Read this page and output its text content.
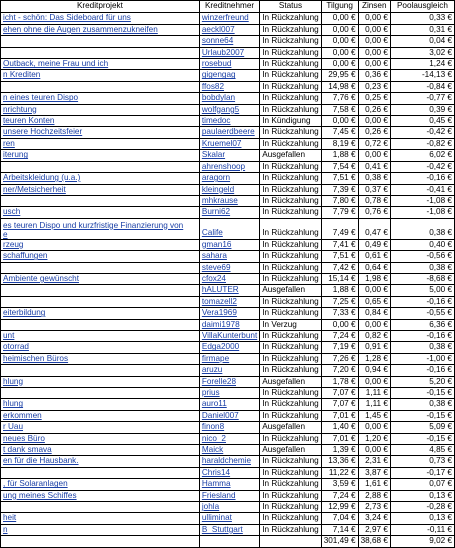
Kreditprojekt	Kreditnehmer	Status	Tilgung	Zinsen	Poolausgleich
icht - schön: Das Sideboard für uns	winzerfreund	In Rückzahlung	0,00 €	0,00 €	0,33 €
ehen ohne die Augen zusammenzukneifen	aeckl007	In Rückzahlung	0,00 €	0,00 €	0,31 €
	sonne64	In Rückzahlung	0,00 €	0,00 €	0,04 €
	Urlaub2007	In Rückzahlung	0,00 €	0,00 €	3,02 €
Outback, meine Frau und ich	rosebud	In Rückzahlung	0,00 €	0,00 €	1,24 €
n Krediten	gigengag	In Rückzahlung	29,95 €	0,36 €	-14,13 €
	ffos82	In Rückzahlung	14,98 €	0,23 €	-0,84 €
n eines teuren Dispo	bobdylan	In Rückzahlung	7,76 €	0,25 €	-0,77 €
nrichtung	wolfgang5	In Rückzahlung	7,58 €	0,26 €	0,39 €
teuren Konten	timedoc	In Kündigung	0,00 €	0,00 €	0,45 €
unsere Hochzeitsfeier	paulaerdbeere	In Rückzahlung	7,45 €	0,26 €	-0,42 €
ren	Kruemel07	In Rückzahlung	8,19 €	0,72 €	-0,82 €
iterung	Skalar	Ausgefallen	1,88 €	0,00 €	6,02 €
	ahrenshoop	In Rückzahlung	7,54 €	0,41 €	-0,42 €
Arbeitskleidung (u.a.)	aragorn	In Rückzahlung	7,51 €	0,38 €	-0,16 €
ner/Metsicherheit	kleingeld	In Rückzahlung	7,39 €	0,37 €	-0,41 €
	mhkrause	In Rückzahlung	7,80 €	0,78 €	-1,08 €
usch	Burni62	In Rückzahlung	7,79 €	0,76 €	-1,08 €
es teuren Dispo und kurzfristige Finanzierung von
e	Calife	In Rückzahlung	7,49 €	0,47 €	0,38 €
rzeug	gman16	In Rückzahlung	7,41 €	0,49 €	0,40 €
schaffungen	sahara	In Rückzahlung	7,51 €	0,61 €	-0,56 €
	steve69	In Rückzahlung	7,42 €	0,64 €	0,38 €
Ambiente gewünscht	cfox24	In Rückzahlung	15,14 €	1,98 €	-8,68 €
	hALUTER	Ausgefallen	1,88 €	0,00 €	5,00 €
	tomazell2	In Rückzahlung	7,25 €	0,65 €	-0,16 €
eiterbildung	Vera1969	In Rückzahlung	7,33 €	0,84 €	-0,55 €
	daimi1978	In Verzug	0,00 €	0,00 €	6,36 €
unt	VillaKunterbunt	In Rückzahlung	7,24 €	0,82 €	-0,16 €
otorrad	Edga2000	In Rückzahlung	7,19 €	0,91 €	0,38 €
heimischen Büros	firmape	In Rückzahlung	7,26 €	1,28 €	-1,00 €
	aruzu	In Rückzahlung	7,20 €	0,94 €	-0,16 €
hlung	Forelle28	Ausgefallen	1,78 €	0,00 €	5,20 €
	prius	In Rückzahlung	7,07 €	1,11 €	-0,15 €
hlung	auro11	In Rückzahlung	7,07 €	1,11 €	0,38 €
erkommen	Daniel007	In Rückzahlung	7,01 €	1,45 €	-0,15 €
r Uau	finon8	Ausgefallen	1,40 €	0,00 €	5,09 €
neues Büro	nico_2	In Rückzahlung	7,01 €	1,20 €	-0,15 €
t dank smava	Maick	Ausgefallen	1,39 €	0,00 €	4,85 €
en für die Hausbank.	haraldchemie	In Rückzahlung	13,36 €	2,31 €	0,73 €
	Chris14	In Rückzahlung	11,22 €	3,87 €	-0,17 €
, für Solaranlagen	Hamma	In Rückzahlung	3,59 €	1,61 €	0,07 €
ung meines Schiffes	Friesland	In Rückzahlung	7,24 €	2,88 €	0,13 €
	johla	In Rückzahlung	12,99 €	2,73 €	-0,28 €
heit	ulliminat	In Rückzahlung	7,04 €	3,24 €	0,13 €
n	B_Stuttgart	In Rückzahlung	7,14 €	2,97 €	-0,11 €
			301,49 €	38,68 €	9,02 €
